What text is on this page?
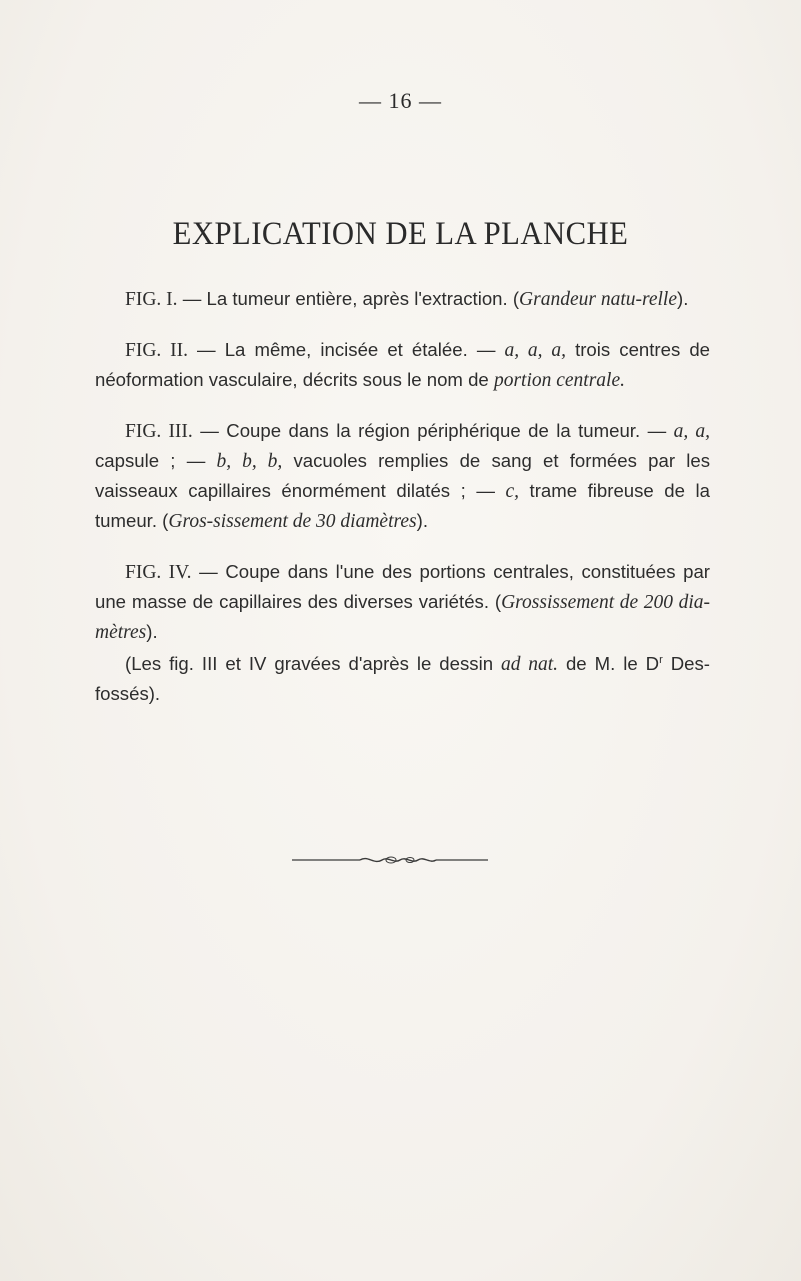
— 16 —
EXPLICATION DE LA PLANCHE

FIG. I. — La tumeur entière, après l'extraction. (Grandeur natu-relle).

FIG. II. — La même, incisée et étalée. — a, a, a, trois centres de néoformation vasculaire, décrits sous le nom de portion centrale.

FIG. III. — Coupe dans la région périphérique de la tumeur. — a, a, capsule ; — b, b, b, vacuoles remplies de sang et formées par les vaisseaux capillaires énormément dilatés ; — c, trame fibreuse de la tumeur. (Gros-sissement de 30 diamètres).

FIG. IV. — Coupe dans l'une des portions centrales, constituées par une masse de capillaires des diverses variétés. (Grossissement de 200 dia-mètres).

(Les fig. III et IV gravées d'après le dessin ad nat. de M. le $D^r$ Des-fossés).
